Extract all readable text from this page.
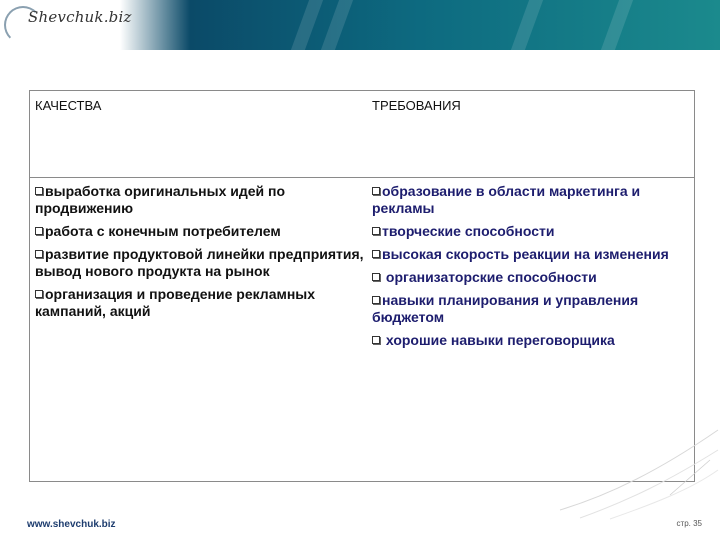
Shevchuk.biz
КАЧЕСТВА	ТРЕБОВАНИЯ
выработка оригинальных идей по продвижению
работа с конечным потребителем
развитие продуктовой линейки предприятия, вывод нового продукта на рынок
организация и проведение рекламных кампаний, акций
образование в области маркетинга и рекламы
творческие способности
высокая скорость реакции на изменения
организаторские способности
навыки планирования и управления бюджетом
хорошие навыки переговорщика
www.shevchuk.biz	стр. 35
